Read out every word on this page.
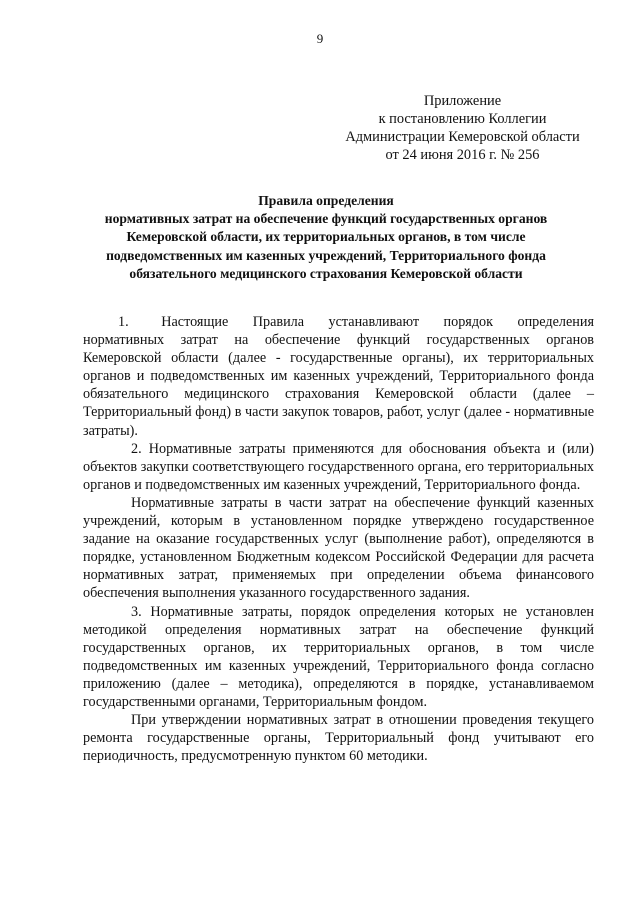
9
Приложение
к постановлению Коллегии
Администрации Кемеровской области
от 24 июня 2016 г. № 256
Правила определения
нормативных затрат на обеспечение функций государственных органов
Кемеровской области, их территориальных органов, в том числе
подведомственных им казенных учреждений, Территориального фонда
обязательного медицинского страхования Кемеровской области

1.    Настоящие   Правила   устанавливают   порядок   определения нормативных затрат на обеспечение функций государственных органов Кемеровской области (далее - государственные органы), их территориальных органов и подведомственных им казенных учреждений, Территориального фонда обязательного медицинского страхования Кемеровской области (далее – Территориальный фонд) в части закупок товаров, работ, услуг (далее - нормативные затраты).

2. Нормативные затраты применяются для обоснования объекта и (или) объектов закупки соответствующего государственного органа, его территориальных органов и подведомственных им казенных учреждений, Территориального фонда.

Нормативные затраты в части затрат на обеспечение функций казенных учреждений, которым в установленном порядке утверждено государственное задание на оказание государственных услуг (выполнение работ), определяются в порядке, установленном Бюджетным кодексом Российской Федерации для расчета нормативных затрат, применяемых при определении объема финансового обеспечения выполнения указанного государственного задания.

3. Нормативные затраты, порядок определения которых не установлен методикой определения нормативных затрат на обеспечение функций государственных органов, их территориальных органов, в том числе подведомственных им казенных учреждений, Территориального фонда согласно приложению (далее – методика), определяются в порядке, устанавливаемом государственными органами, Территориальным фондом.

При утверждении нормативных затрат в отношении проведения текущего ремонта государственные органы, Территориальный фонд учитывают его периодичность, предусмотренную пунктом 60 методики.
